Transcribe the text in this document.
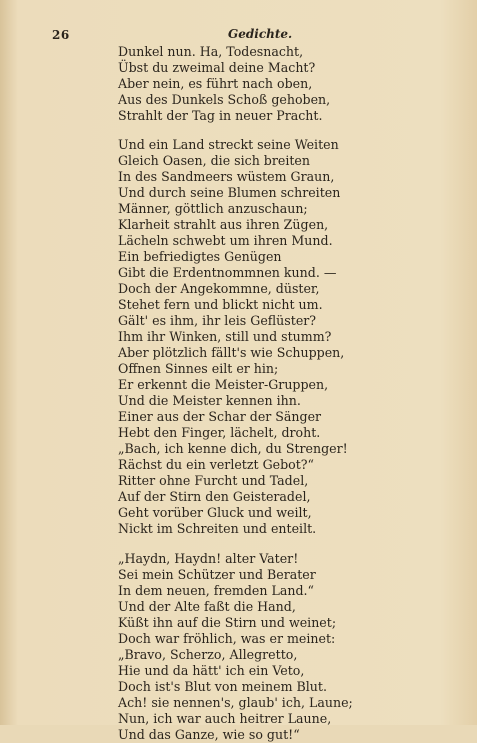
26	Gedichte.
Dunkel nun. Ha, Todesnacht,
Übst du zweimal deine Macht?
Aber nein, es führt nach oben,
Aus des Dunkels Schoß gehoben,
Strahlt der Tag in neuer Pracht.
Und ein Land streckt seine Weiten
Gleich Oasen, die sich breiten
In des Sandmeers wüstem Graun,
Und durch seine Blumen schreiten
Männer, göttlich anzuschaun;
Klarheit strahlt aus ihren Zügen,
Lächeln schwebt um ihren Mund.
Ein befriedigtes Genügen
Gibt die Erdentnommnen kund. —
Doch der Angekommne, düster,
Stehet fern und blickt nicht um.
Gält' es ihm, ihr leis Geflüster?
Ihm ihr Winken, still und stumm?
Aber plötzlich fällt's wie Schuppen,
Offnen Sinnes eilt er hin;
Er erkennt die Meister-Gruppen,
Und die Meister kennen ihn.
Einer aus der Schar der Sänger
Hebt den Finger, lächelt, droht.
„Bach, ich kenne dich, du Strenger!
Rächst du ein verletzt Gebot?“
Ritter ohne Furcht und Tadel,
Auf der Stirn den Geisteradel,
Geht vorüber Gluck und weilt,
Nickt im Schreiten und enteilt.
„Haydn, Haydn! alter Vater!
Sei mein Schützer und Berater
In dem neuen, fremden Land.“
Und der Alte faßt die Hand,
Küßt ihn auf die Stirn und weinet;
Doch war fröhlich, was er meinet:
„Bravo, Scherzo, Allegretto,
Hie und da hätt' ich ein Veto,
Doch ist's Blut von meinem Blut.
Ach! sie nennen's, glaub' ich, Laune;
Nun, ich war auch heitrer Laune,
Und das Ganze, wie so gut!“
